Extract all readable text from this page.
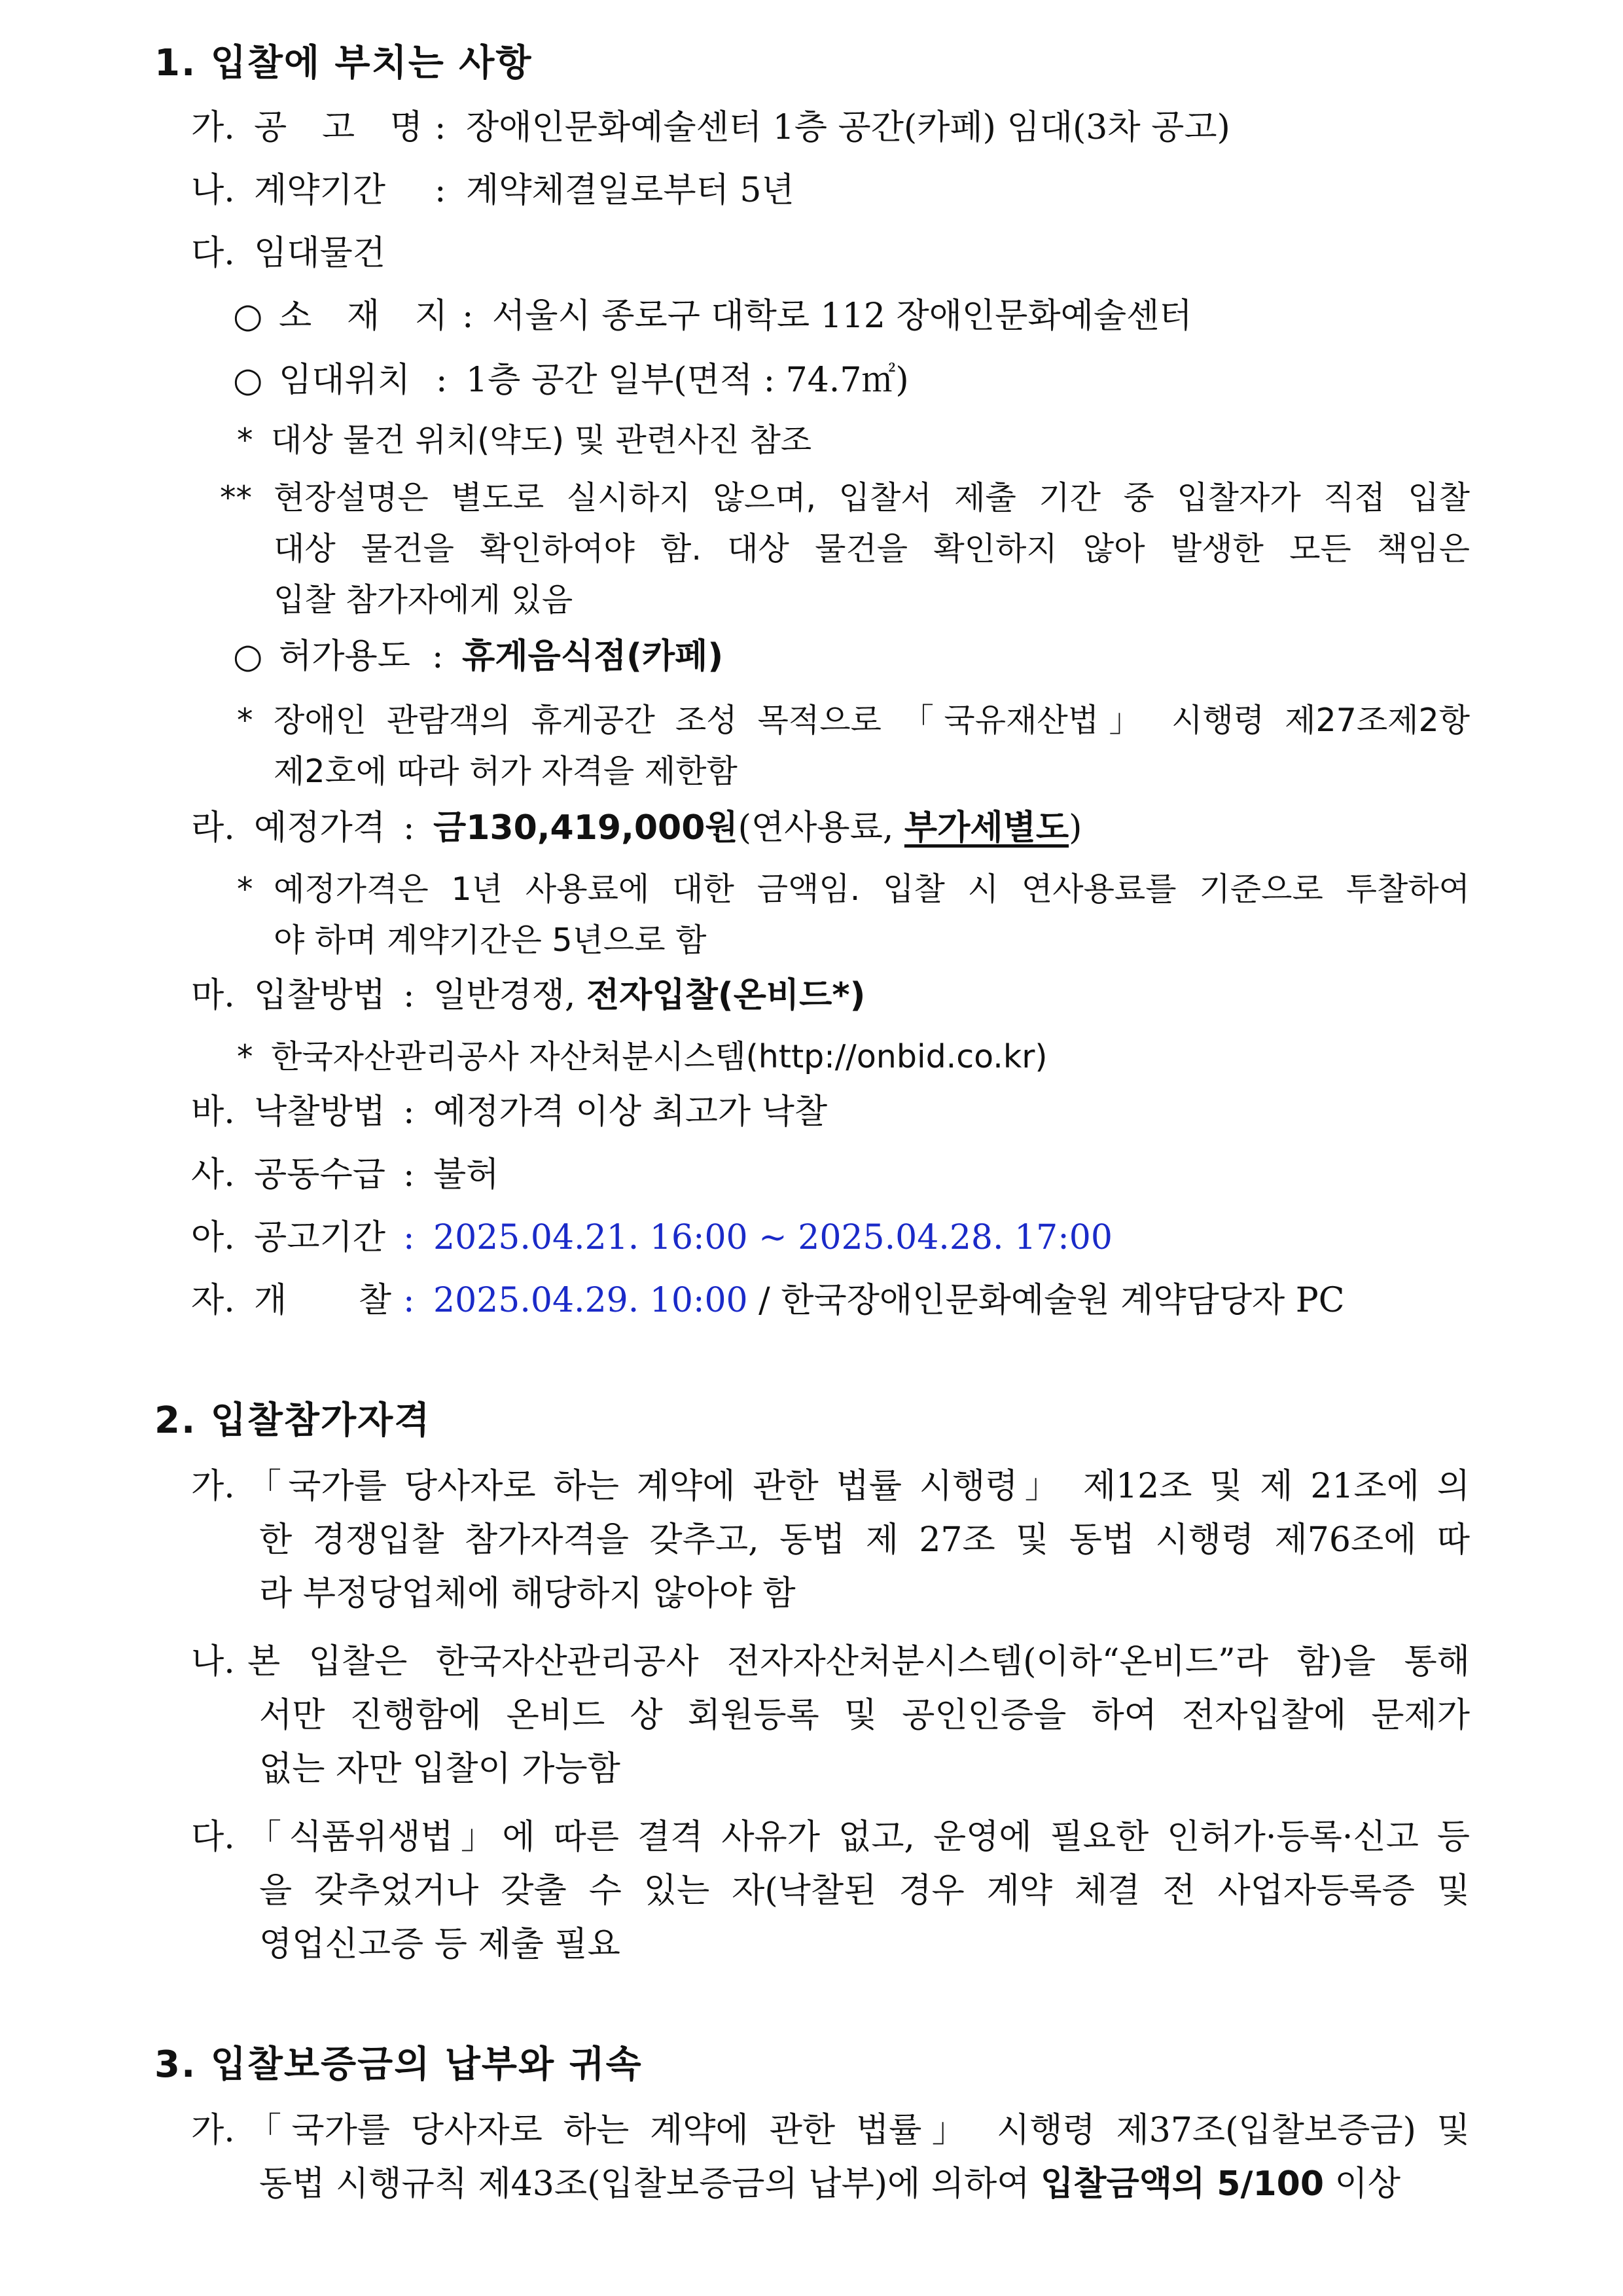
1. 입찰에 부치는 사항
가. 공 고 명 : 장애인문화예술센터 1층 공간(카페) 임대(3차 공고)
나. 계약기간	: 계약체결일로부터 5년
다. 임대물건
○ 소 재 지 : 서울시 종로구 대학로 112 장애인문화예술센터
○ 임대위치 : 1층 공간 일부(면적 : 74.7㎡)
* 대상 물건 위치(약도) 및 관련사진 참조
** 현장설명은 별도로 실시하지 않으며, 입찰서 제출 기간 중 입찰자가 직접 입찰
대상 물건을 확인하여야 함. 대상 물건을 확인하지 않아 발생한 모든 책임은
입찰 참가자에게 있음
○ 허가용도 : 휴게음식점(카페)
* 장애인 관람객의 휴게공간 조성 목적으로 「국유재산법」 시행령 제27조제2항
제2호에 따라 허가 자격을 제한함
라. 예정가격 : 금130,419,000원(연사용료, 부가세별도)
* 예정가격은 1년 사용료에 대한 금액임. 입찰 시 연사용료를 기준으로 투찰하여
야 하며 계약기간은 5년으로 함
마. 입찰방법 : 일반경쟁, 전자입찰(온비드*)
* 한국자산관리공사 자산처분시스템(http://onbid.co.kr)
바. 낙찰방법 : 예정가격 이상 최고가 낙찰
사. 공동수급 : 불허
아. 공고기간 : 2025.04.21. 16:00 ~ 2025.04.28. 17:00
자. 개 찰 : 2025.04.29. 10:00 / 한국장애인문화예술원 계약담당자 PC
2. 입찰참가자격
가. 「국가를 당사자로 하는 계약에 관한 법률 시행령」 제12조 및 제 21조에 의
한 경쟁입찰 참가자격을 갖추고, 동법 제 27조 및 동법 시행령 제76조에 따
라 부정당업체에 해당하지 않아야 함
나. 본 입찰은 한국자산관리공사 전자자산처분시스템(이하“온비드”라 함)을 통해
서만 진행함에 온비드 상 회원등록 및 공인인증을 하여 전자입찰에 문제가
없는 자만 입찰이 가능함
다. 「식품위생법」에 따른 결격 사유가 없고, 운영에 필요한 인허가·등록·신고 등
을 갖추었거나 갖출 수 있는 자(낙찰된 경우 계약 체결 전 사업자등록증 및
영업신고증 등 제출 필요
3. 입찰보증금의 납부와 귀속
가. 「국가를 당사자로 하는 계약에 관한 법률」 시행령 제37조(입찰보증금) 및
동법 시행규칙 제43조(입찰보증금의 납부)에 의하여 입찰금액의 5/100 이상
